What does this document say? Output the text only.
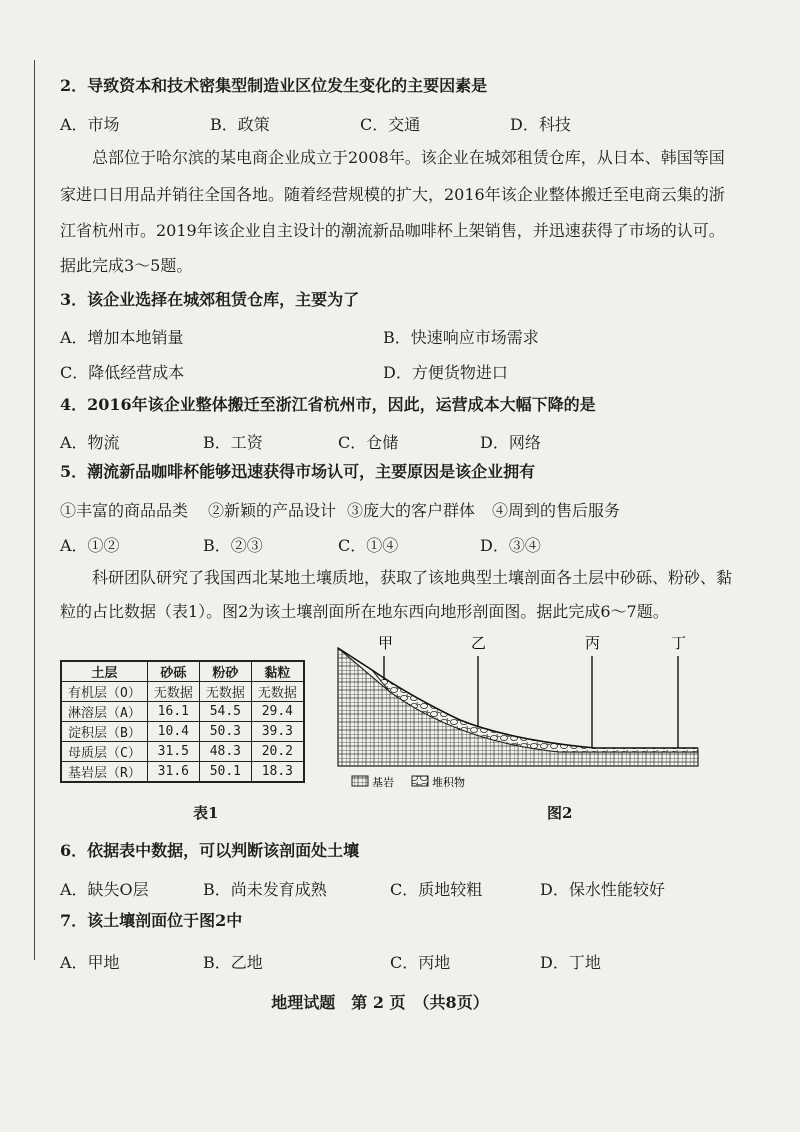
2．导致资本和技术密集型制造业区位发生变化的主要因素是
A．市场	B．政策	C．交通	D．科技
总部位于哈尔滨的某电商企业成立于2008年。该企业在城郊租赁仓库，从日本、韩国等国
家进口日用品并销往全国各地。随着经营规模的扩大，2016年该企业整体搬迁至电商云集的浙
江省杭州市。2019年该企业自主设计的潮流新品咖啡杯上架销售，并迅速获得了市场的认可。
据此完成3～5题。
3．该企业选择在城郊租赁仓库，主要为了
A．增加本地销量	B．快速响应市场需求
C．降低经营成本	D．方便货物进口
4．2016年该企业整体搬迁至浙江省杭州市，因此，运营成本大幅下降的是
A．物流	B．工资	C．仓储	D．网络
5．潮流新品咖啡杯能够迅速获得市场认可，主要原因是该企业拥有
①丰富的商品品类 ②新颖的产品设计 ③庞大的客户群体 ④周到的售后服务
A．①②	B．②③	C．①④	D．③④
科研团队研究了我国西北某地土壤质地，获取了该地典型土壤剖面各土层中砂砾、粉砂、黏
粒的占比数据（表1）。图2为该土壤剖面所在地东西向地形剖面图。据此完成6～7题。
土层	砂砾	粉砂	黏粒
有机层（O）	无数据	无数据	无数据
淋溶层（A）	16.1	54.5	29.4
淀积层（B）	10.4	50.3	39.3
母质层（C）	31.5	48.3	20.2
基岩层（R）	31.6	50.1	18.3
表1
甲	乙	丙	丁
基岩	堆积物
图2
6．依据表中数据，可以判断该剖面处土壤
A．缺失O层	B．尚未发育成熟	C．质地较粗	D．保水性能较好
7．该土壤剖面位于图2中
A．甲地	B．乙地	C．丙地	D．丁地
地理试题　第 2 页　（共8页）
